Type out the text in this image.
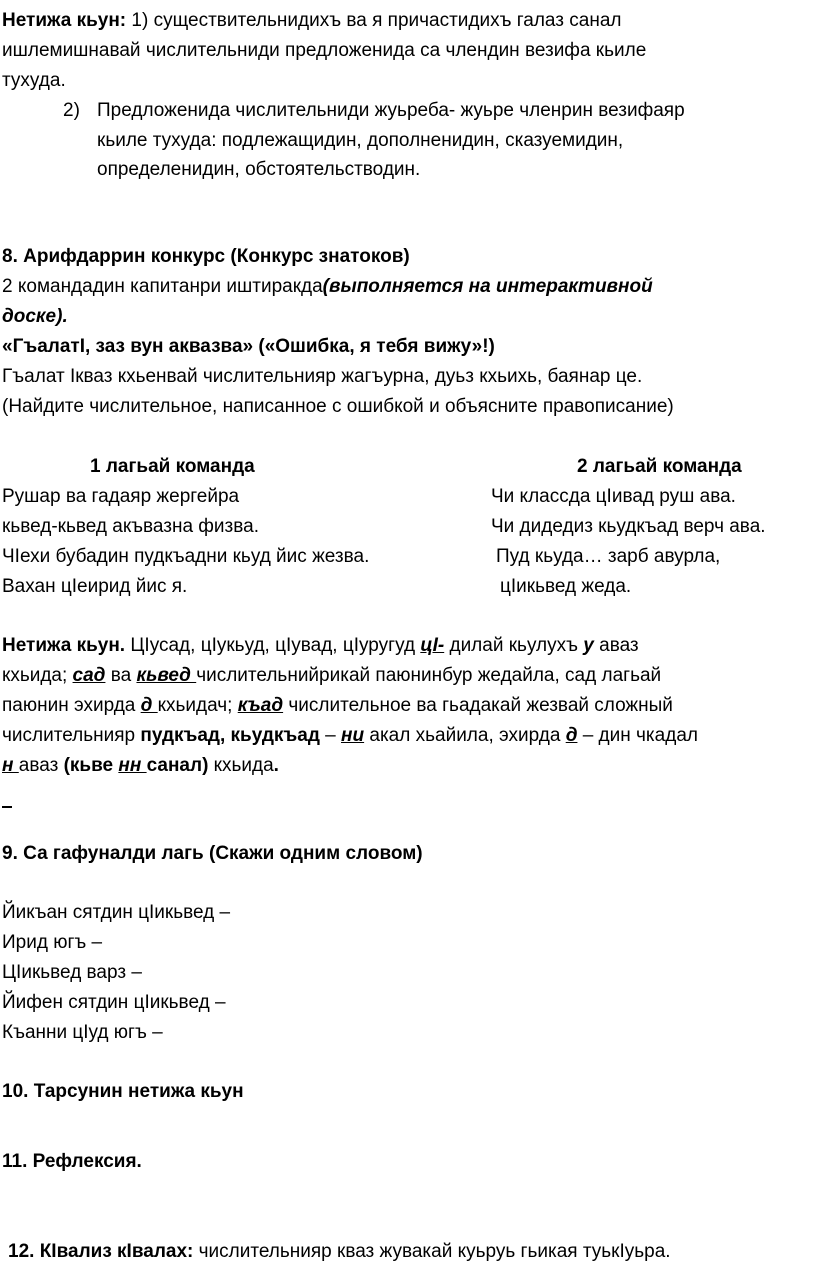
Нетижа кьун: 1) существительнидихъ ва я причастидихъ галаз санал
ишлемишнавай числительниди предложенида са члендин везифа кьиле
тухуда.
2) Предложенида числительниди жуьреба- жуьре членрин везифаяр
кьиле тухуда: подлежащидин, дополненидин, сказуемидин,
определенидин, обстоятельстводин.
8. Арифдаррин конкурс (Конкурс знатоков)
2 командадин капитанри иштиракда(выполняется на интерактивной
доске).
«ГъалатI, заз вун аквазва» («Ошибка, я тебя вижу»!)
Гъалат Iкваз кхьенвай числительнияр жагъурна, дуьз кхьихь, баянар це.
(Найдите числительное, написанное с ошибкой и объясните правописание)
1 лагьай команда	2 лагьай команда
Рушар ва гадаяр жергейра
кьвед-кьвед акъвазна физва.
ЧIехи бубадин пудкъадни кьуд йис жезва.
Вахан цIеирид йис я.
Чи классда цIивад руш ава.
Чи дидедиз кьудкъад верч ава.
Пуд кьуда… зарб авурла,
цIикьвед жеда.
Нетижа кьун. ЦIусад, цIукьуд, цIувад, цIуругуд цI- дилай кьулухъ у аваз
кхьида; сад ва кьвед числительнийрикай паюнинбур жедайла, сад лагьай
паюнин эхирда д кхьидач; къад числительное ва гьадакай жезвай сложный
числительнияр пудкъад, кьудкъад – ни акал хьайила, эхирда д – дин чкадал
н аваз (кьве нн санал) кхьида.
9. Са гафуналди лагь (Скажи одним словом)
Йикъан сятдин цIикьвед –
Ирид югъ –
ЦIикьвед варз –
Йифен сятдин цIикьвед –
Къанни цIуд югъ –
10. Тарсунин нетижа кьун
11. Рефлексия.
12. КIвализ кIвалах: числительнияр кваз жувакай куьруь гьикая туькIуьра.
